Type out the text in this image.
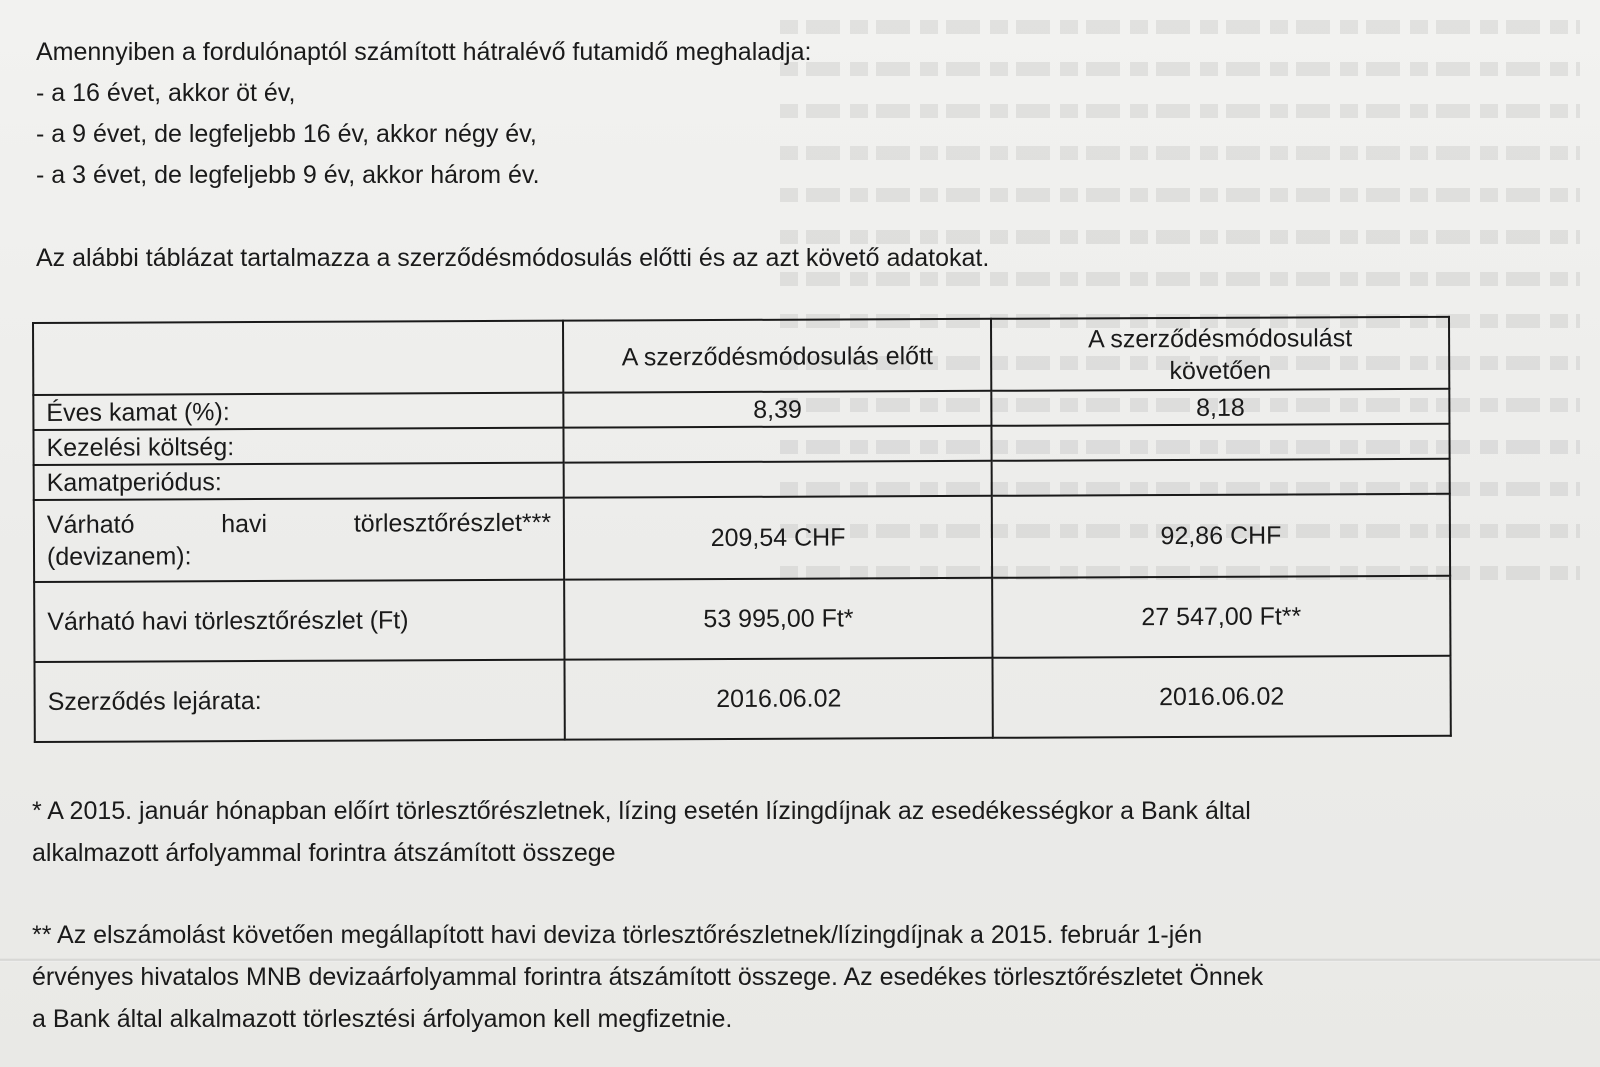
Amennyiben a fordulónaptól számított hátralévő futamidő meghaladja:
- a 16 évet, akkor öt év,
- a 9 évet, de legfeljebb 16 év, akkor négy év,
- a 3 évet, de legfeljebb 9 év, akkor három év.

Az alábbi táblázat tartalmazza a szerződésmódosulás előtti és az azt követő adatokat.

	A szerződésmódosulás előtt	A szerződésmódosulást
követően

Éves kamat (%):	8,39	8,18
Kezelési költség:		
Kamatperiódus:		

Várható havi törlesztőrészlet***
(devizanem):	209,54 CHF	92,86 CHF
Várható havi törlesztőrészlet (Ft)	53 995,00 Ft*	27 547,00 Ft**
Szerződés lejárata:	2016.06.02	2016.06.02
* A 2015. január hónapban előírt törlesztőrészletnek, lízing esetén lízingdíjnak az esedékességkor a Bank által
alkalmazott árfolyammal forintra átszámított összege
** Az elszámolást követően megállapított havi deviza törlesztőrészletnek/lízingdíjnak a 2015. február 1-jén
érvényes hivatalos MNB devizaárfolyammal forintra átszámított összege. Az esedékes törlesztőrészletet Önnek
a Bank által alkalmazott törlesztési árfolyamon kell megfizetnie.
